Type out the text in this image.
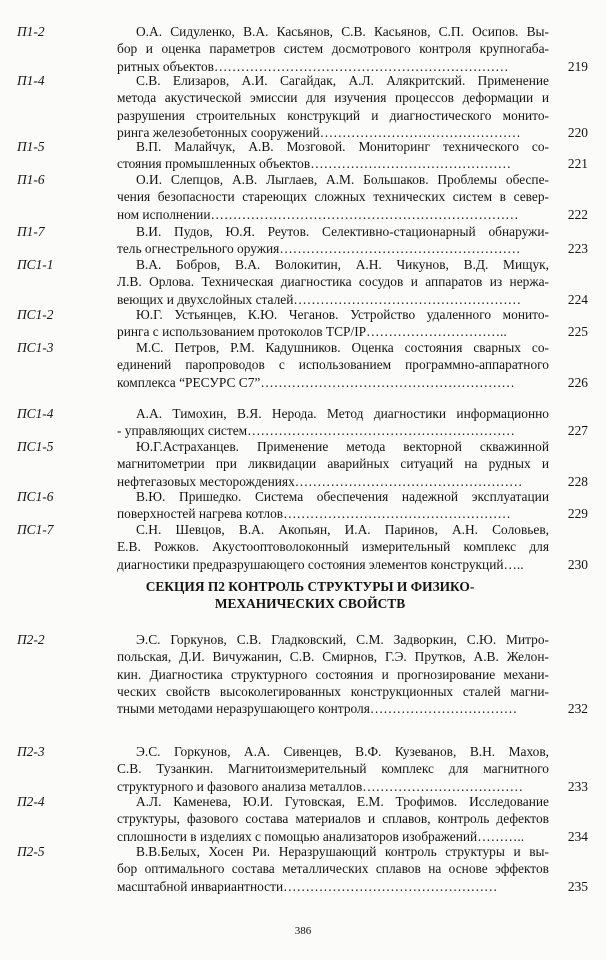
П1-2	О.А. Сидуленко, В.А. Касьянов, С.В. Касьянов, С.П. Осипов. Вы-
бор и оценка параметров систем досмотрового контроля крупногаба-
ритных объектов…………………………………………………………	219
П1-4	С.В. Елизаров, А.И. Сагайдак, А.Л. Алякритский. Применение
метода акустической эмиссии для изучения процессов деформации и
разрушения строительных конструкций и диагностического монито-
ринга железобетонных сооружений………………………………………	220
П1-5	В.П. Малайчук, А.В. Мозговой. Мониторинг технического со-
стояния промышленных объектов………………………………………	221
П1-6	О.И. Слепцов, А.В. Лыглаев, А.М. Большаков. Проблемы обеспе-
чения безопасности стареющих сложных технических систем в север-
ном исполнении……………………………………………………………	222
П1-7	В.И. Пудов, Ю.Я. Реутов. Селективно-стационарный обнаружи-
тель огнестрельного оружия………………………………………………	223
ПС1-1	В.А. Бобров, В.А. Волокитин, А.Н. Чикунов, В.Д. Мищук,
Л.В. Орлова. Техническая диагностика сосудов и аппаратов из нержа-
веющих и двухслойных сталей……………………………………………	224
ПС1-2	Ю.Г. Устьянцев, К.Ю. Чеганов. Устройство удаленного монито-
ринга с использованием протоколов TCP/IP…………………………..	225
ПС1-3	М.С. Петров, Р.М. Кадушников. Оценка состояния сварных со-
единений паропроводов с использованием программно-аппаратного
комплекса “РЕСУРС С7”…………………………………………………	226
ПС1-4	А.А. Тимохин, В.Я. Нерода. Метод диагностики информационно
- управляющих систем……………………………………………………	227
ПС1-5	Ю.Г.Астраханцев. Применение метода векторной скважинной
магнитометрии при ликвидации аварийных ситуаций на рудных и
нефтегазовых месторождениях……………………………………………	228
ПС1-6	В.Ю. Пришедко. Система обеспечения надежной эксплуатации
поверхностей нагрева котлов……………………………………………	229
ПС1-7	С.Н. Шевцов, В.А. Акопьян, И.А. Паринов, А.Н. Соловьев,
Е.В. Рожков. Акустооптоволоконный измерительный комплекс для
диагностики предразрушающего состояния элементов конструкций…..	230
СЕКЦИЯ П2 КОНТРОЛЬ СТРУКТУРЫ И ФИЗИКО-
МЕХАНИЧЕСКИХ СВОЙСТВ
П2-2	Э.С. Горкунов, С.В. Гладковский, С.М. Задворкин, С.Ю. Митро-
польская, Д.И. Вичужанин, С.В. Смирнов, Г.Э. Прутков, А.В. Желон-
кин. Диагностика структурного состояния и прогнозирование механи-
ческих свойств высоколегированных конструкционных сталей магни-
тными методами неразрушающего контроля……………………………	232
П2-3	Э.С. Горкунов, А.А. Сивенцев, В.Ф. Кузеванов, В.Н. Махов,
С.В. Тузанкин. Магнитоизмерительный комплекс для магнитного
структурного и фазового анализа металлов………………………………	233
П2-4	А.Л. Каменева, Ю.И. Гутовская, Е.М. Трофимов. Исследование
структуры, фазового состава материалов и сплавов, контроль дефектов
сплошности в изделиях с помощью анализаторов изображений………..	234
П2-5	В.В.Белых, Хосен Ри. Неразрушающий контроль структуры и вы-
бор оптимального состава металлических сплавов на основе эффектов
масштабной инвариантности…………………………………………	235
386
